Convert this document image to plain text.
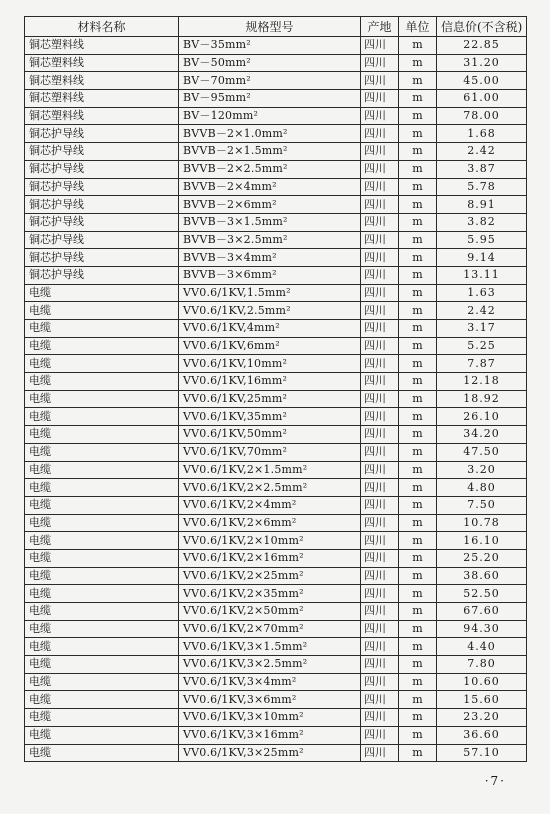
材料名称	规格型号	产地	单位	信息价(不含税)
铜芯塑料线	BV－35mm²	四川	m	22.85
铜芯塑料线	BV－50mm²	四川	m	31.20
铜芯塑料线	BV－70mm²	四川	m	45.00
铜芯塑料线	BV－95mm²	四川	m	61.00
铜芯塑料线	BV－120mm²	四川	m	78.00
铜芯护导线	BVVB－2×1.0mm²	四川	m	1.68
铜芯护导线	BVVB－2×1.5mm²	四川	m	2.42
铜芯护导线	BVVB－2×2.5mm²	四川	m	3.87
铜芯护导线	BVVB－2×4mm²	四川	m	5.78
铜芯护导线	BVVB－2×6mm²	四川	m	8.91
铜芯护导线	BVVB－3×1.5mm²	四川	m	3.82
铜芯护导线	BVVB－3×2.5mm²	四川	m	5.95
铜芯护导线	BVVB－3×4mm²	四川	m	9.14
铜芯护导线	BVVB－3×6mm²	四川	m	13.11
电缆	VV0.6/1KV,1.5mm²	四川	m	1.63
电缆	VV0.6/1KV,2.5mm²	四川	m	2.42
电缆	VV0.6/1KV,4mm²	四川	m	3.17
电缆	VV0.6/1KV,6mm²	四川	m	5.25
电缆	VV0.6/1KV,10mm²	四川	m	7.87
电缆	VV0.6/1KV,16mm²	四川	m	12.18
电缆	VV0.6/1KV,25mm²	四川	m	18.92
电缆	VV0.6/1KV,35mm²	四川	m	26.10
电缆	VV0.6/1KV,50mm²	四川	m	34.20
电缆	VV0.6/1KV,70mm²	四川	m	47.50
电缆	VV0.6/1KV,2×1.5mm²	四川	m	3.20
电缆	VV0.6/1KV,2×2.5mm²	四川	m	4.80
电缆	VV0.6/1KV,2×4mm²	四川	m	7.50
电缆	VV0.6/1KV,2×6mm²	四川	m	10.78
电缆	VV0.6/1KV,2×10mm²	四川	m	16.10
电缆	VV0.6/1KV,2×16mm²	四川	m	25.20
电缆	VV0.6/1KV,2×25mm²	四川	m	38.60
电缆	VV0.6/1KV,2×35mm²	四川	m	52.50
电缆	VV0.6/1KV,2×50mm²	四川	m	67.60
电缆	VV0.6/1KV,2×70mm²	四川	m	94.30
电缆	VV0.6/1KV,3×1.5mm²	四川	m	4.40
电缆	VV0.6/1KV,3×2.5mm²	四川	m	7.80
电缆	VV0.6/1KV,3×4mm²	四川	m	10.60
电缆	VV0.6/1KV,3×6mm²	四川	m	15.60
电缆	VV0.6/1KV,3×10mm²	四川	m	23.20
电缆	VV0.6/1KV,3×16mm²	四川	m	36.60
电缆	VV0.6/1KV,3×25mm²	四川	m	57.10
·7·
